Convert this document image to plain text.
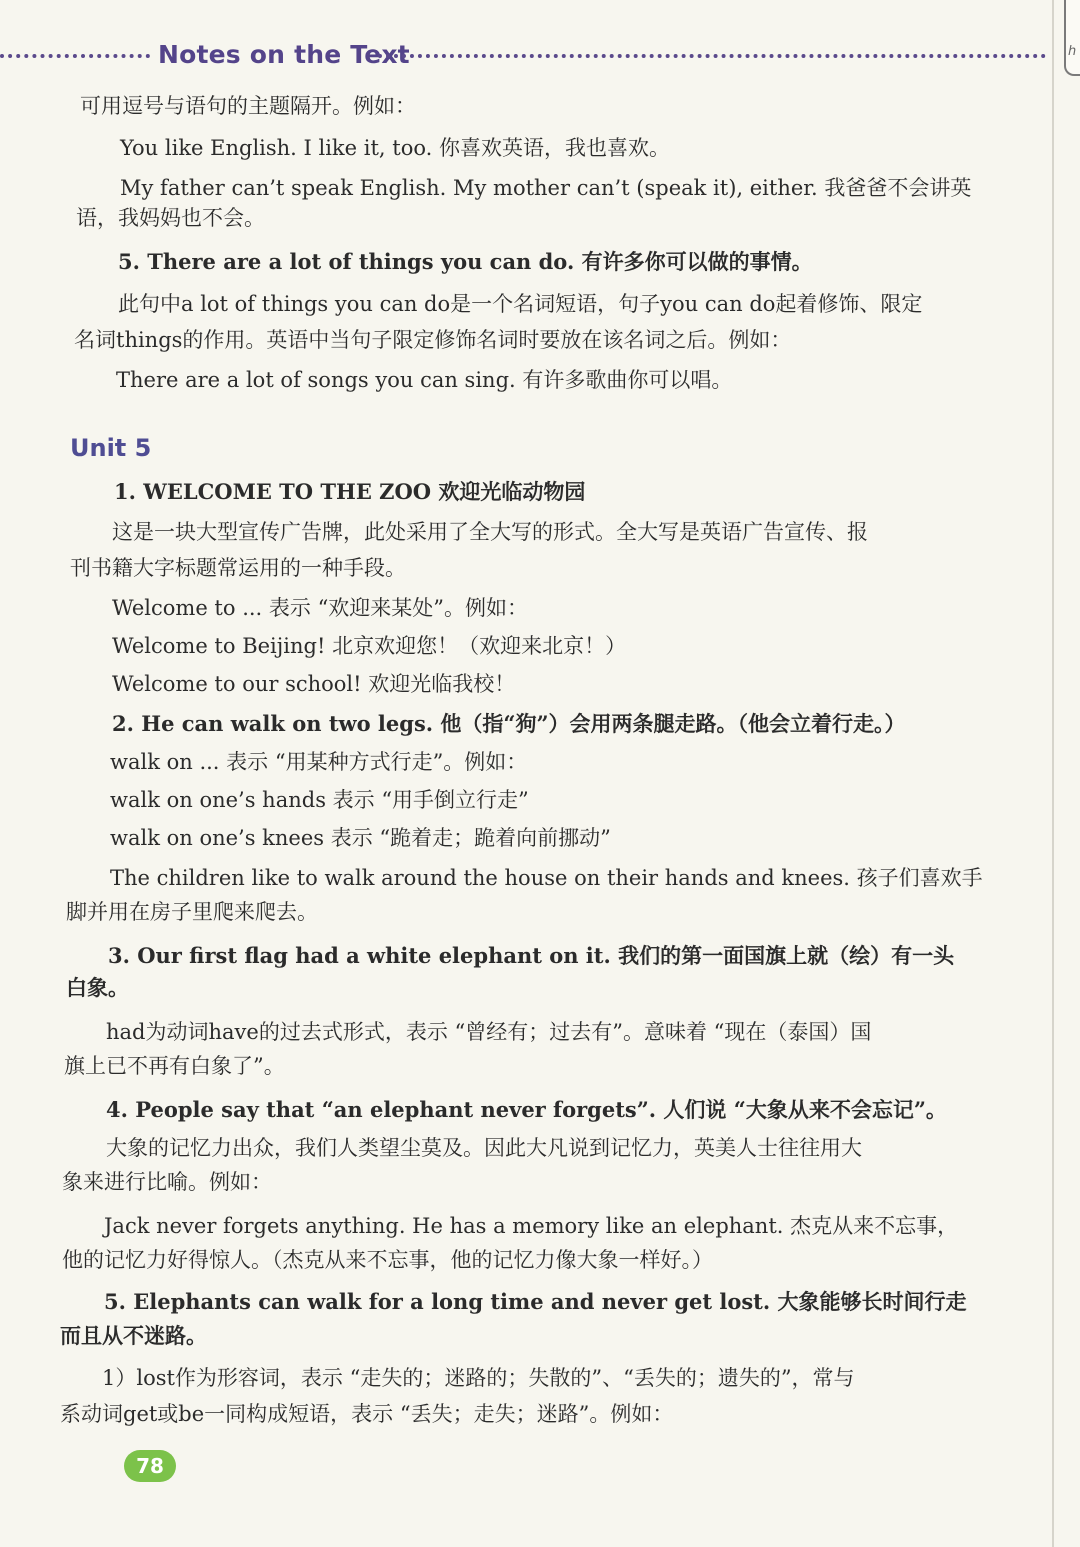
Notes on the Text	h
可用逗号与语句的主题隔开。例如：
You like English. I like it, too. 你喜欢英语，我也喜欢。
My father can’t speak English. My mother can’t (speak it), either. 我爸爸不会讲英
语，我妈妈也不会。
5. There are a lot of things you can do. 有许多你可以做的事情。
此句中a lot of things you can do是一个名词短语，句子you can do起着修饰、限定
名词things的作用。英语中当句子限定修饰名词时要放在该名词之后。例如：
There are a lot of songs you can sing. 有许多歌曲你可以唱。
Unit 5
1. WELCOME TO THE ZOO 欢迎光临动物园
这是一块大型宣传广告牌，此处采用了全大写的形式。全大写是英语广告宣传、报
刊书籍大字标题常运用的一种手段。
Welcome to ... 表示 “欢迎来某处”。例如：
Welcome to Beijing! 北京欢迎您！（欢迎来北京！）
Welcome to our school! 欢迎光临我校！
2. He can walk on two legs. 他（指“狗”）会用两条腿走路。（他会立着行走。）
walk on ... 表示 “用某种方式行走”。例如：
walk on one’s hands 表示 “用手倒立行走”
walk on one’s knees 表示 “跪着走；跪着向前挪动”
The children like to walk around the house on their hands and knees. 孩子们喜欢手
脚并用在房子里爬来爬去。
3. Our first flag had a white elephant on it. 我们的第一面国旗上就（绘）有一头
白象。
had为动词have的过去式形式，表示 “曾经有；过去有”。意味着 “现在（泰国）国
旗上已不再有白象了”。
4. People say that “an elephant never forgets”. 人们说 “大象从来不会忘记”。
大象的记忆力出众，我们人类望尘莫及。因此大凡说到记忆力，英美人士往往用大
象来进行比喻。例如：
Jack never forgets anything. He has a memory like an elephant. 杰克从来不忘事，
他的记忆力好得惊人。（杰克从来不忘事，他的记忆力像大象一样好。）
5. Elephants can walk for a long time and never get lost. 大象能够长时间行走
而且从不迷路。
1）lost作为形容词，表示 “走失的；迷路的；失散的”、“丢失的；遗失的”，常与
系动词get或be一同构成短语，表示 “丢失；走失；迷路”。例如：
78
